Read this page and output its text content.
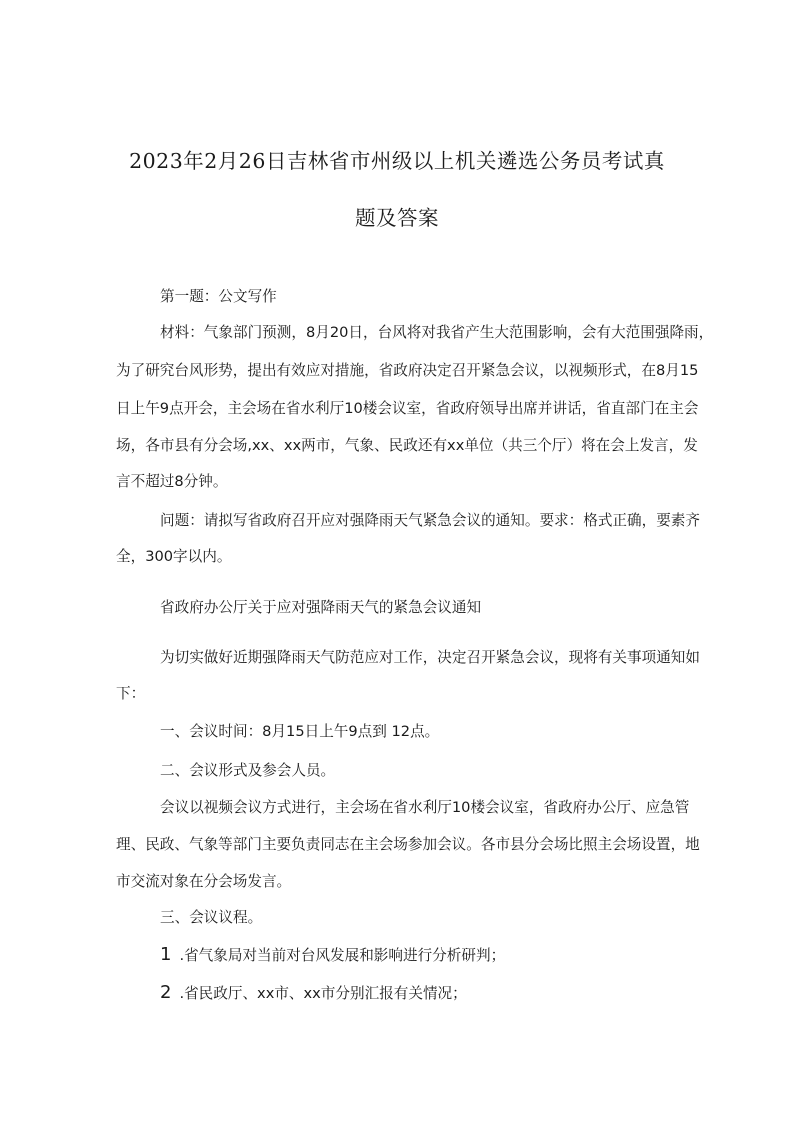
2023年2月26日吉林省市州级以上机关遴选公务员考试真
题及答案
第一题：公文写作
材料：气象部门预测，8月20日，台风将对我省产生大范围影响，会有大范围强降雨，
为了研究台风形势，提出有效应对措施，省政府决定召开紧急会议，以视频形式，在8月15
日上午9点开会，主会场在省水利厅10楼会议室，省政府领导出席并讲话，省直部门在主会
场，各市县有分会场,xx、xx两市，气象、民政还有xx单位（共三个厅）将在会上发言，发
言不超过8分钟。
问题：请拟写省政府召开应对强降雨天气紧急会议的通知。要求：格式正确，要素齐
全，300字以内。
省政府办公厅关于应对强降雨天气的紧急会议通知
为切实做好近期强降雨天气防范应对工作，决定召开紧急会议，现将有关事项通知如
下：
一、会议时间：8月15日上午9点到 12点。
二、会议形式及参会人员。
会议以视频会议方式进行，主会场在省水利厅10楼会议室，省政府办公厅、应急管
理、民政、气象等部门主要负责同志在主会场参加会议。各市县分会场比照主会场设置，地
市交流对象在分会场发言。
三、会议议程。
1 .省气象局对当前对台风发展和影响进行分析研判；
2 .省民政厅、xx市、xx市分别汇报有关情况；
